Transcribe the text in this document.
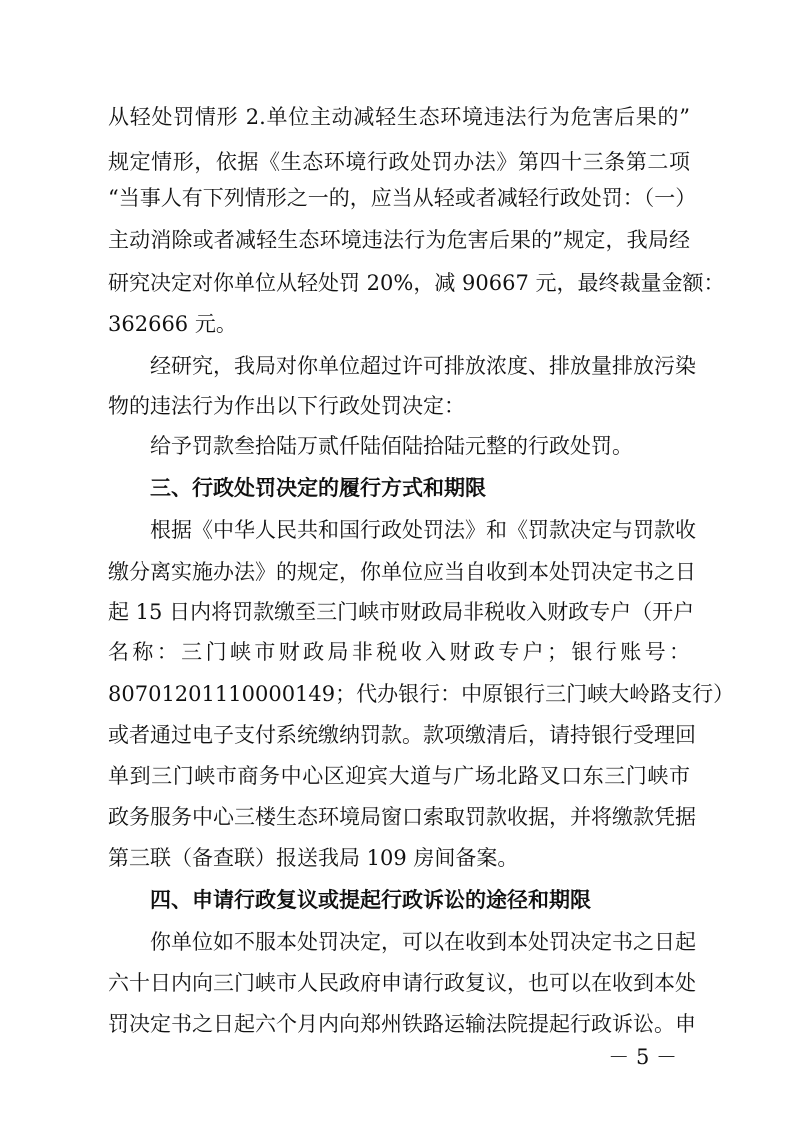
从轻处罚情形 2.单位主动减轻生态环境违法行为危害后果的”
规定情形，依据《生态环境行政处罚办法》第四十三条第二项
“当事人有下列情形之一的，应当从轻或者减轻行政处罚：（一）
主动消除或者减轻生态环境违法行为危害后果的”规定，我局经
研究决定对你单位从轻处罚 20%，减 90667 元，最终裁量金额：
362666 元。
经研究，我局对你单位超过许可排放浓度、排放量排放污染
物的违法行为作出以下行政处罚决定：
给予罚款叁拾陆万贰仟陆佰陆拾陆元整的行政处罚。
三、行政处罚决定的履行方式和期限
根据《中华人民共和国行政处罚法》和《罚款决定与罚款收
缴分离实施办法》的规定，你单位应当自收到本处罚决定书之日
起 15 日内将罚款缴至三门峡市财政局非税收入财政专户（开户
名称：三门峡市财政局非税收入财政专户；银行账号：
80701201110000149；代办银行：中原银行三门峡大岭路支行）
或者通过电子支付系统缴纳罚款。款项缴清后，请持银行受理回
单到三门峡市商务中心区迎宾大道与广场北路叉口东三门峡市
政务服务中心三楼生态环境局窗口索取罚款收据，并将缴款凭据
第三联（备查联）报送我局 109 房间备案。
四、申请行政复议或提起行政诉讼的途径和期限
你单位如不服本处罚决定，可以在收到本处罚决定书之日起
六十日内向三门峡市人民政府申请行政复议，也可以在收到本处
罚决定书之日起六个月内向郑州铁路运输法院提起行政诉讼。申
－ 5 －
